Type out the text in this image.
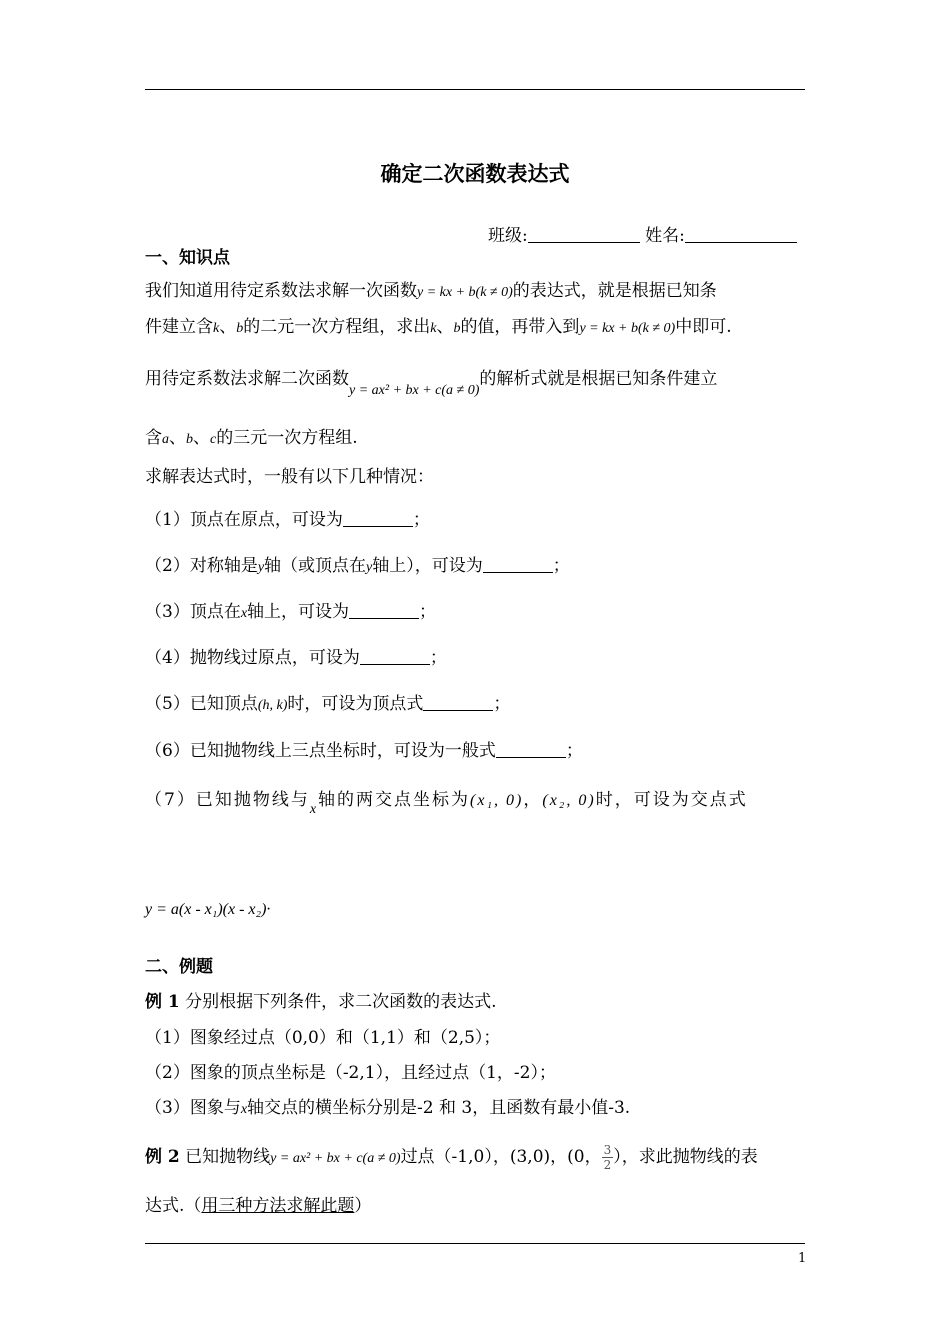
确定二次函数表达式
班级:	姓名:
一、知识点
我们知道用待定系数法求解一次函数y = kx + b(k ≠ 0)的表达式，就是根据已知条
件建立含k、b的二元一次方程组，求出k、b的值，再带入到y = kx + b(k ≠ 0)中即可.
用待定系数法求解二次函数$_{y = ax^2 + bx + c(a \ne 0)}$的解析式就是根据已知条件建立
含a、b、c的三元一次方程组.
求解表达式时，一般有以下几种情况：
（1）顶点在原点，可设为	；
（2）对称轴是y轴（或顶点在y轴上），可设为	；
（3）顶点在x轴上，可设为	；
（4）抛物线过原点，可设为	；
（5）已知顶点(h, k)时，可设为顶点式	；
（6）已知抛物线上三点坐标时，可设为一般式	；
（7）已知抛物线与$_x$轴的两交点坐标为(x₁, 0)，(x₂, 0)时，可设为交点式
y = a(x - x₁)(x - x₂)·
二、例题
例 1 分别根据下列条件，求二次函数的表达式.
（1）图象经过点（0,0）和（1,1）和（2,5）；
（2）图象的顶点坐标是（-2,1），且经过点（1，-2）；
（3）图象与x轴交点的横坐标分别是-2 和 3，且函数有最小值-3.
例 2 已知抛物线y = ax² + bx + c(a ≠ 0)过点（-1,0），(3,0)，(0， $\frac{3}{2}$ ），求此抛物线的表
达式.（用三种方法求解此题）
1
